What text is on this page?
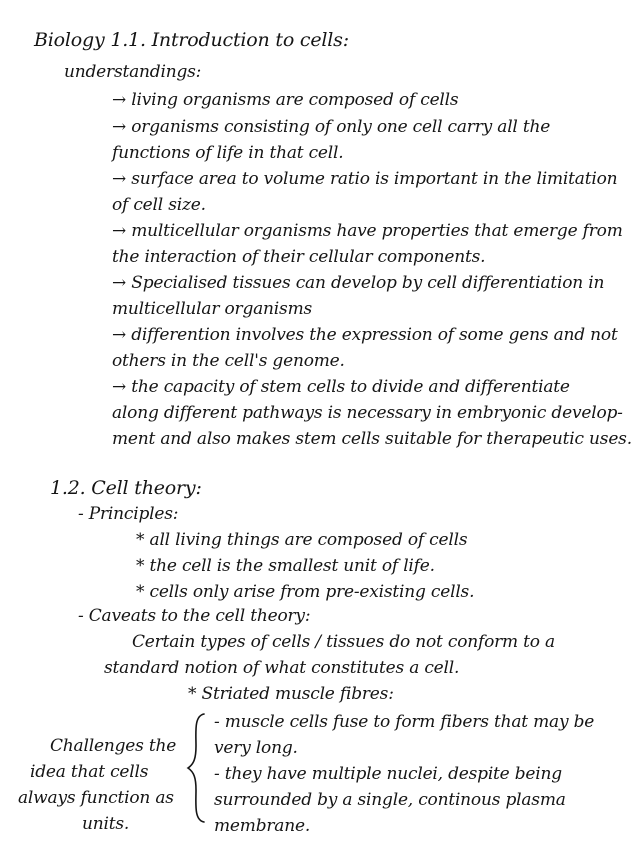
Biology 1.1. Introduction to cells:
understandings:
→ living organisms are composed of cells
→ organisms consisting of only one cell carry all the
functions of life in that cell.
→ surface area to volume ratio is important in the limitation
of cell size.
→ multicellular organisms have properties that emerge from
the interaction of their cellular components.
→ Specialised tissues can develop by cell differentiation in
multicellular organisms
→ differention involves the expression of some gens and not
others in the cell's genome.
→ the capacity of stem cells to divide and differentiate
along different pathways is necessary in embryonic develop-
ment and also makes stem cells suitable for therapeutic uses.
1.2. Cell theory:
- Principles:
* all living things are composed of cells
* the cell is the smallest unit of life.
* cells only arise from pre-existing cells.
- Caveats to the cell theory:
Certain types of cells / tissues do not conform to a
standard notion of what constitutes a cell.
* Striated muscle fibres:
- muscle cells fuse to form fibers that may be
very long.
- they have multiple nuclei, despite being
surrounded by a single, continous plasma
membrane.
Challenges the
idea that cells
always function as
units.
